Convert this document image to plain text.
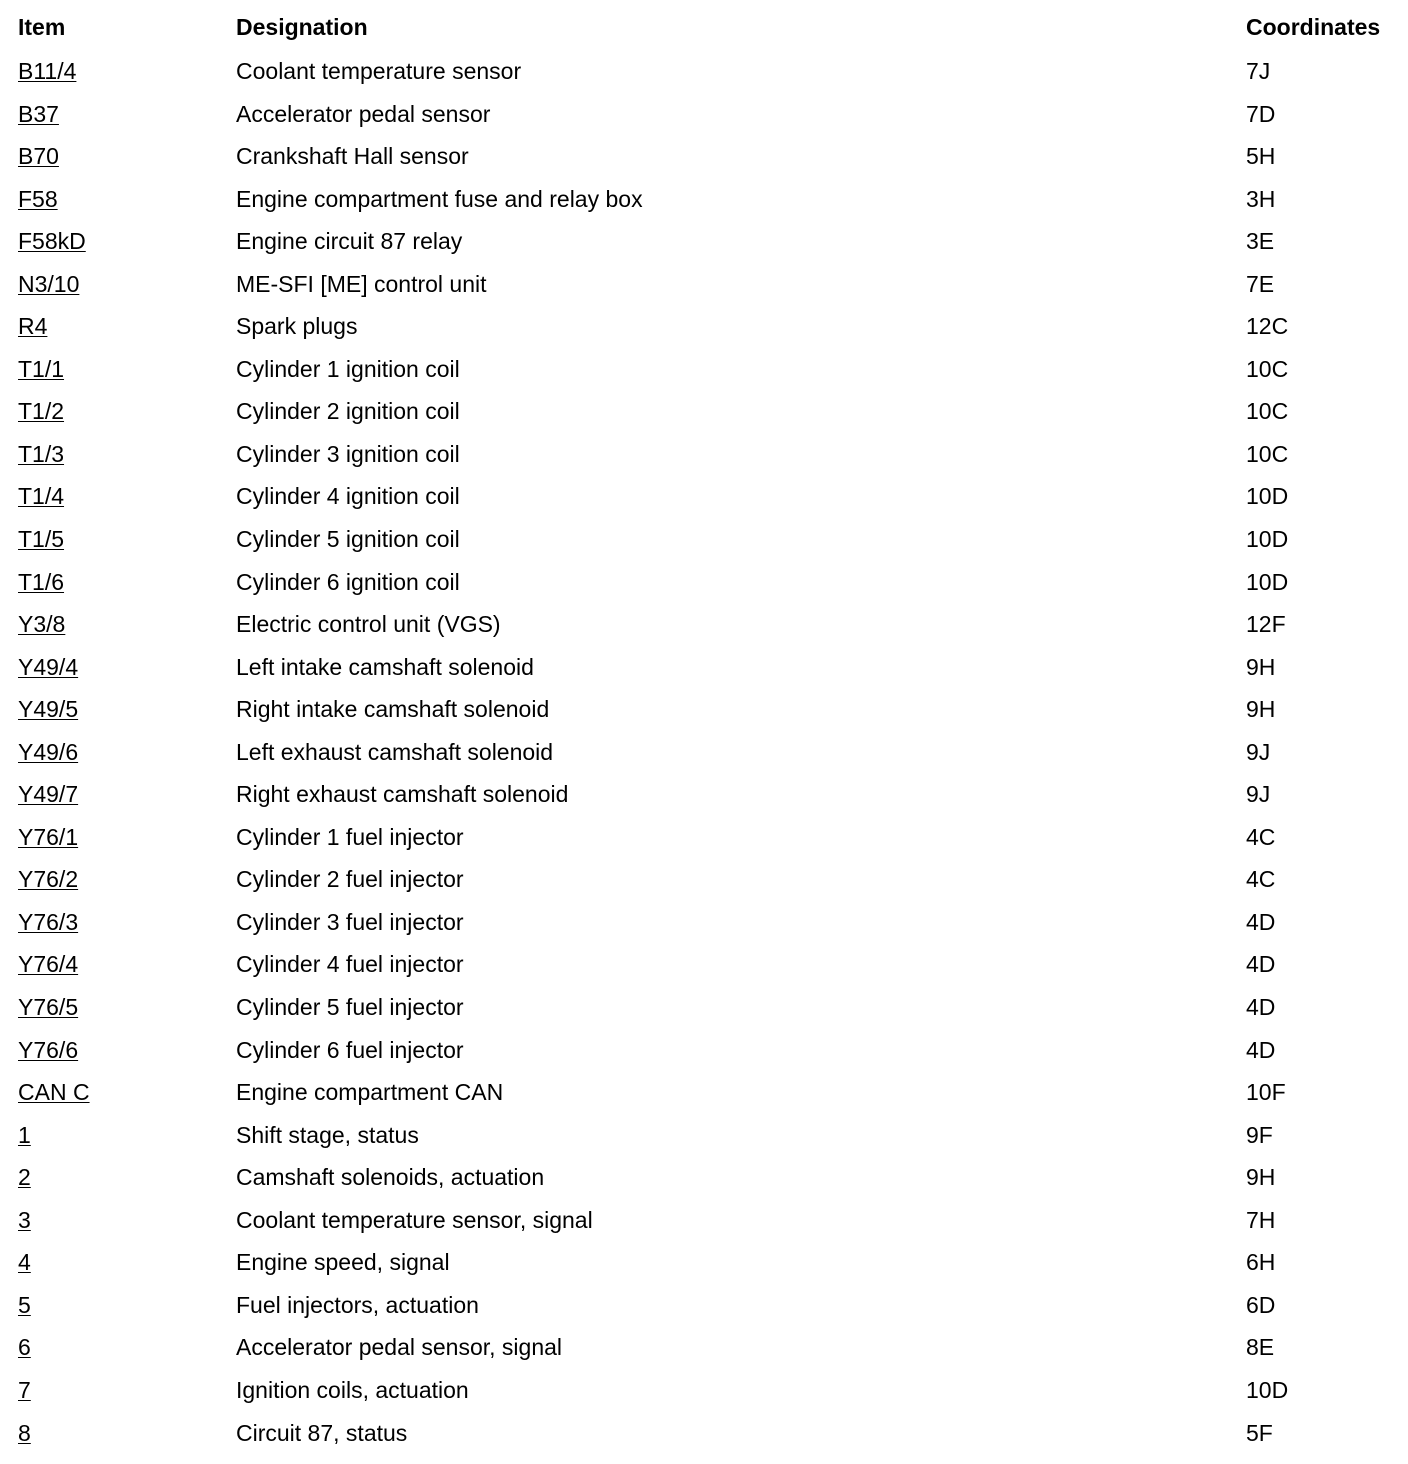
Item	Designation	Coordinates
B11/4	Coolant temperature sensor	7J
B37	Accelerator pedal sensor	7D
B70	Crankshaft Hall sensor	5H
F58	Engine compartment fuse and relay box	3H
F58kD	Engine circuit 87 relay	3E
N3/10	ME-SFI [ME] control unit	7E
R4	Spark plugs	12C
T1/1	Cylinder 1 ignition coil	10C
T1/2	Cylinder 2 ignition coil	10C
T1/3	Cylinder 3 ignition coil	10C
T1/4	Cylinder 4 ignition coil	10D
T1/5	Cylinder 5 ignition coil	10D
T1/6	Cylinder 6 ignition coil	10D
Y3/8	Electric control unit (VGS)	12F
Y49/4	Left intake camshaft solenoid	9H
Y49/5	Right intake camshaft solenoid	9H
Y49/6	Left exhaust camshaft solenoid	9J
Y49/7	Right exhaust camshaft solenoid	9J
Y76/1	Cylinder 1 fuel injector	4C
Y76/2	Cylinder 2 fuel injector	4C
Y76/3	Cylinder 3 fuel injector	4D
Y76/4	Cylinder 4 fuel injector	4D
Y76/5	Cylinder 5 fuel injector	4D
Y76/6	Cylinder 6 fuel injector	4D
CAN C	Engine compartment CAN	10F
1	Shift stage, status	9F
2	Camshaft solenoids, actuation	9H
3	Coolant temperature sensor, signal	7H
4	Engine speed, signal	6H
5	Fuel injectors, actuation	6D
6	Accelerator pedal sensor, signal	8E
7	Ignition coils, actuation	10D
8	Circuit 87, status	5F
